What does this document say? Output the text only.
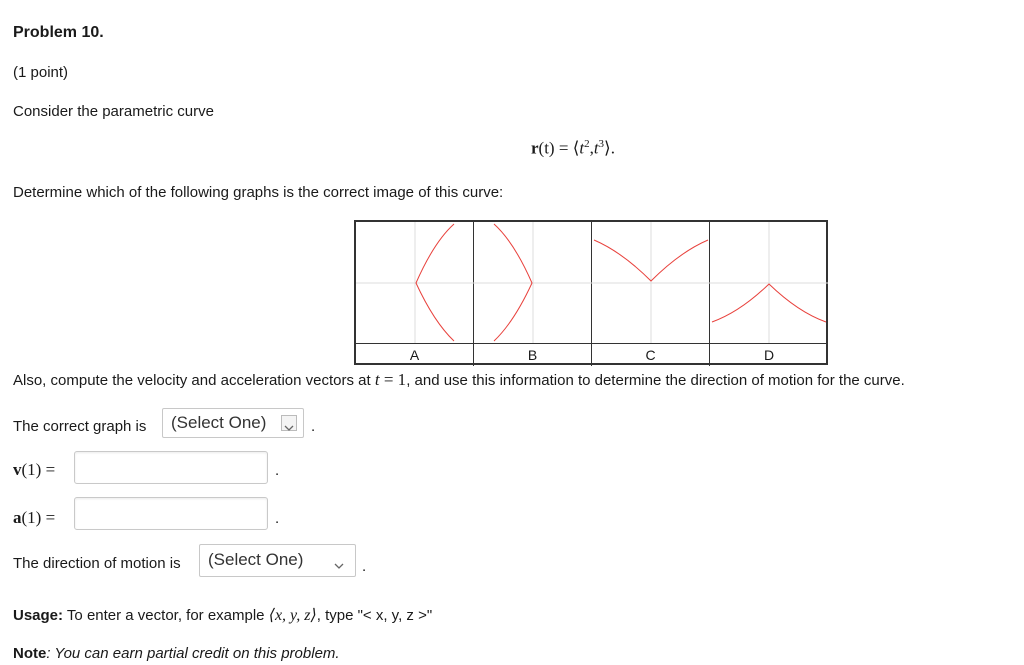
Problem 10.
(1 point)
Consider the parametric curve
$r(t) = ⟨t^2,t^3⟩$.
Determine which of the following graphs is the correct image of this curve:
A	B	C	D
Also, compute the velocity and acceleration vectors at t = 1, and use this information to determine the direction of motion for the curve.
The correct graph is	(Select One)	.
v(1) =	.
a(1) =	.
The direction of motion is	(Select One)	.
Usage: To enter a vector, for example ⟨x, y, z⟩, type "< x, y, z >"
Note: You can earn partial credit on this problem.
